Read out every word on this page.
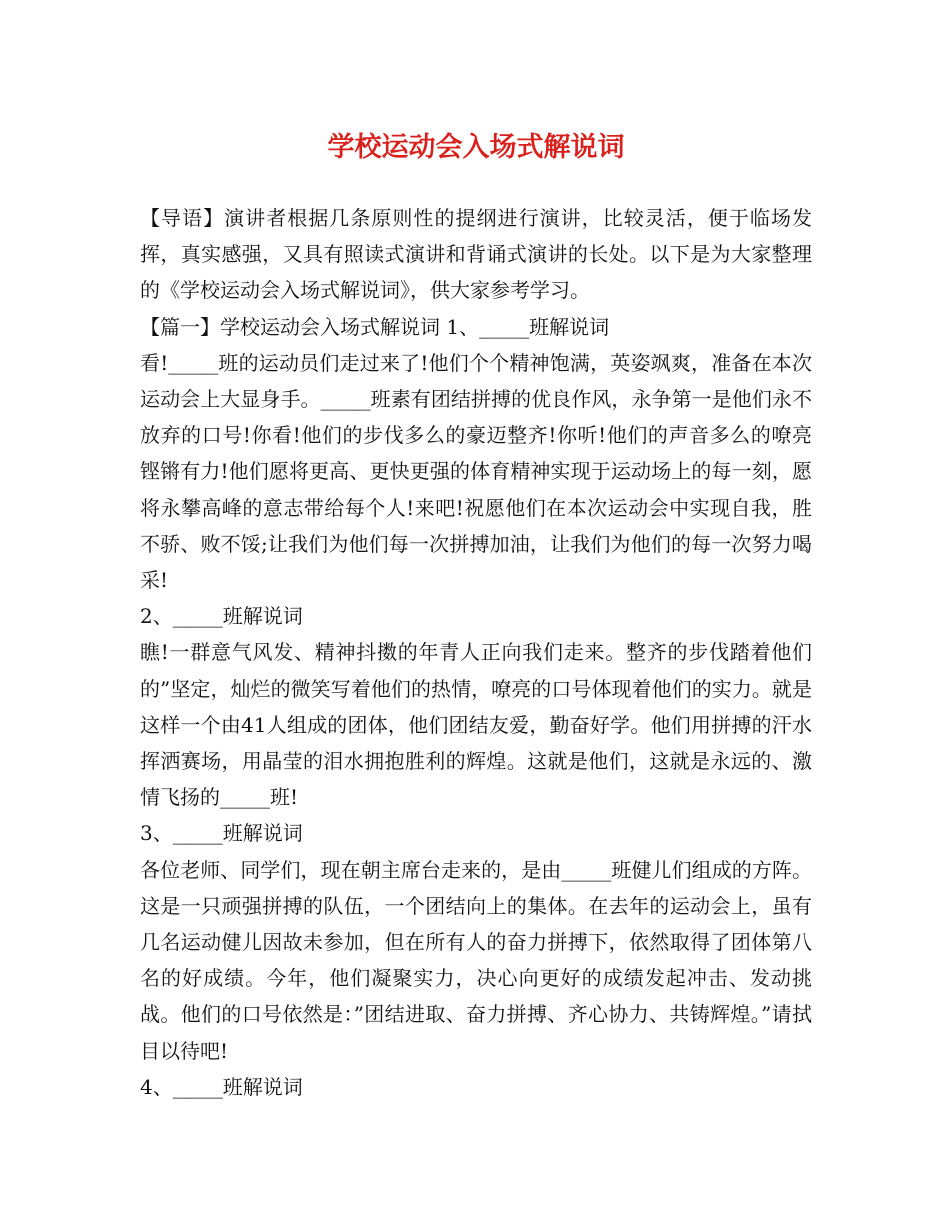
学校运动会入场式解说词

【导语】演讲者根据几条原则性的提纲进行演讲，比较灵活，便于临场发挥，真实感强，又具有照读式演讲和背诵式演讲的长处。以下是为大家整理的《学校运动会入场式解说词》，供大家参考学习。

【篇一】学校运动会入场式解说词 1、_____班解说词

看!_____班的运动员们走过来了!他们个个精神饱满，英姿飒爽，准备在本次运动会上大显身手。_____班素有团结拼搏的优良作风，永争第一是他们永不放弃的口号!你看!他们的步伐多么的豪迈整齐!你听!他们的声音多么的嘹亮铿锵有力!他们愿将更高、更快更强的体育精神实现于运动场上的每一刻，愿将永攀高峰的意志带给每个人!来吧!祝愿他们在本次运动会中实现自我，胜不骄、败不馁;让我们为他们每一次拼搏加油，让我们为他们的每一次努力喝采!

2、_____班解说词

瞧!一群意气风发、精神抖擞的年青人正向我们走来。整齐的步伐踏着他们的”坚定，灿烂的微笑写着他们的热情，嘹亮的口号体现着他们的实力。就是这样一个由41人组成的团体，他们团结友爱，勤奋好学。他们用拼搏的汗水挥洒赛场，用晶莹的泪水拥抱胜利的辉煌。这就是他们，这就是永远的、激情飞扬的_____班!

3、_____班解说词

各位老师、同学们，现在朝主席台走来的，是由_____班健儿们组成的方阵。这是一只顽强拼搏的队伍，一个团结向上的集体。在去年的运动会上，虽有几名运动健儿因故未参加，但在所有人的奋力拼搏下，依然取得了团体第八名的好成绩。今年，他们凝聚实力，决心向更好的成绩发起冲击、发动挑战。他们的口号依然是：”团结进取、奋力拼搏、齐心协力、共铸辉煌。”请拭目以待吧!

4、_____班解说词
